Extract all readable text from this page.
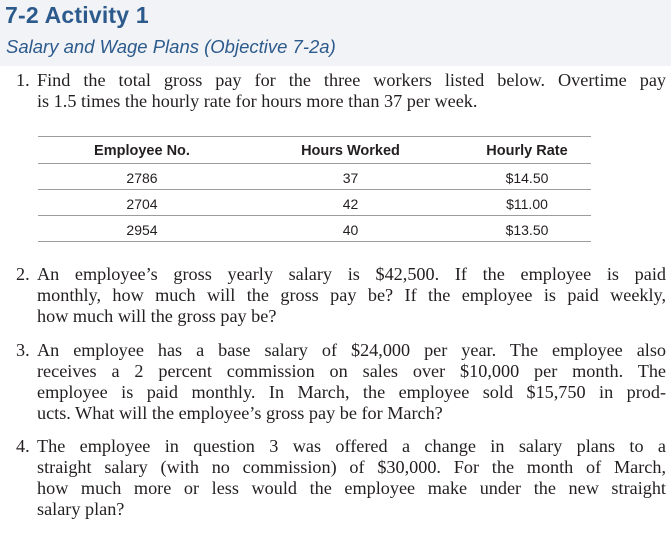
7-2 Activity 1
Salary and Wage Plans (Objective 7-2a)
1. Find the total gross pay for the three workers listed below. Overtime pay
is 1.5 times the hourly rate for hours more than 37 per week.
Employee No.	Hours Worked	Hourly Rate
2786	37	$14.50
2704	42	$11.00
2954	40	$13.50
2. An employee’s gross yearly salary is $42,500. If the employee is paid
monthly, how much will the gross pay be? If the employee is paid weekly,
how much will the gross pay be?
3. An employee has a base salary of $24,000 per year. The employee also
receives a 2 percent commission on sales over $10,000 per month. The
employee is paid monthly. In March, the employee sold $15,750 in prod-
ucts. What will the employee’s gross pay be for March?
4. The employee in question 3 was offered a change in salary plans to a
straight salary (with no commission) of $30,000. For the month of March,
how much more or less would the employee make under the new straight
salary plan?
